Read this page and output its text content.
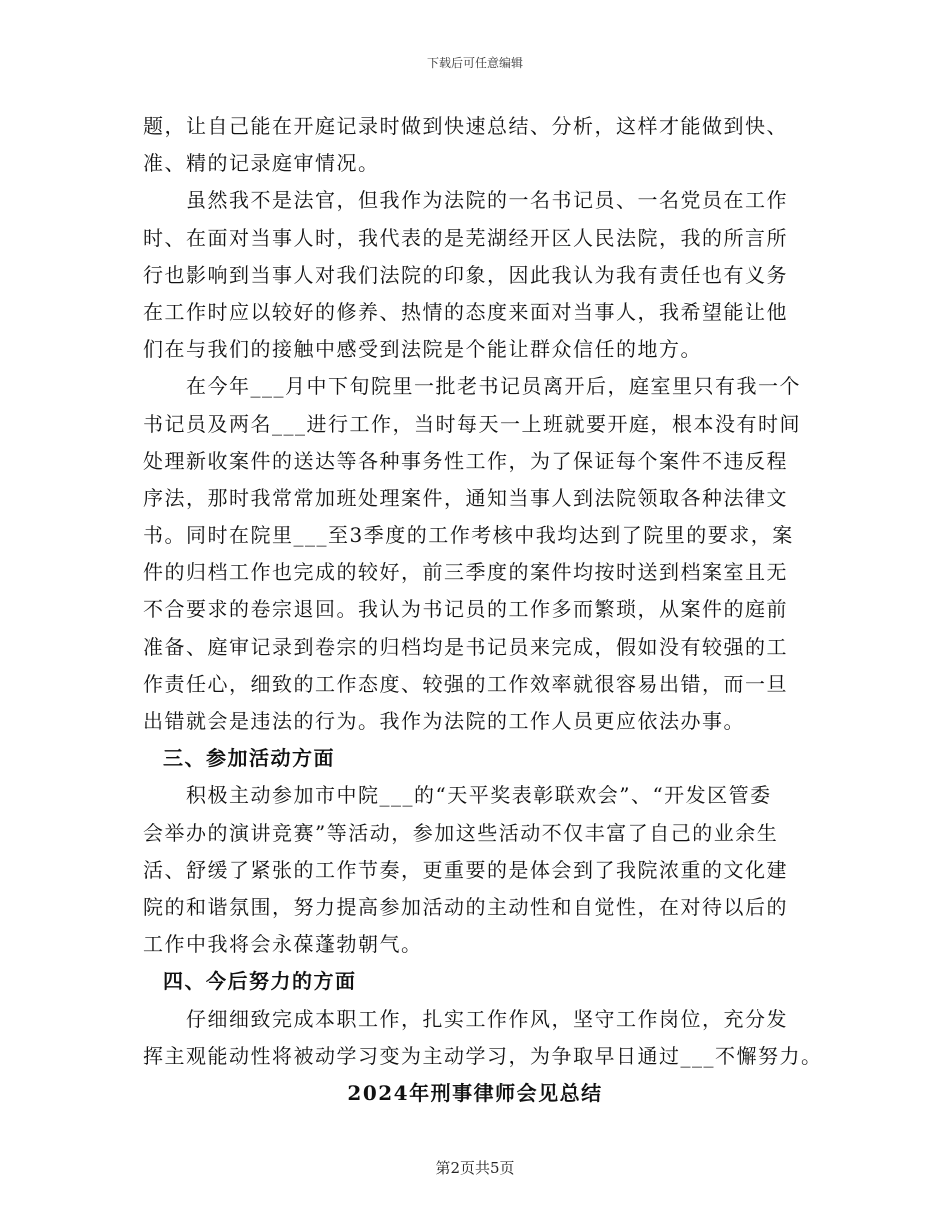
下载后可任意编辑
题，让自己能在开庭记录时做到快速总结、分析，这样才能做到快、
准、精的记录庭审情况。
虽然我不是法官，但我作为法院的一名书记员、一名党员在工作
时、在面对当事人时，我代表的是芜湖经开区人民法院，我的所言所
行也影响到当事人对我们法院的印象，因此我认为我有责任也有义务
在工作时应以较好的修养、热情的态度来面对当事人，我希望能让他
们在与我们的接触中感受到法院是个能让群众信任的地方。
在今年___月中下旬院里一批老书记员离开后，庭室里只有我一个
书记员及两名___进行工作，当时每天一上班就要开庭，根本没有时间
处理新收案件的送达等各种事务性工作，为了保证每个案件不违反程
序法，那时我常常加班处理案件，通知当事人到法院领取各种法律文
书。同时在院里___至3季度的工作考核中我均达到了院里的要求，案
件的归档工作也完成的较好，前三季度的案件均按时送到档案室且无
不合要求的卷宗退回。我认为书记员的工作多而繁琐，从案件的庭前
准备、庭审记录到卷宗的归档均是书记员来完成，假如没有较强的工
作责任心，细致的工作态度、较强的工作效率就很容易出错，而一旦
出错就会是违法的行为。我作为法院的工作人员更应依法办事。
三、参加活动方面
积极主动参加市中院___的“天平奖表彰联欢会”、“开发区管委
会举办的演讲竞赛”等活动，参加这些活动不仅丰富了自己的业余生
活、舒缓了紧张的工作节奏，更重要的是体会到了我院浓重的文化建
院的和谐氛围，努力提高参加活动的主动性和自觉性，在对待以后的
工作中我将会永葆蓬勃朝气。
四、今后努力的方面
仔细细致完成本职工作，扎实工作作风，坚守工作岗位，充分发
挥主观能动性将被动学习变为主动学习，为争取早日通过___不懈努力。
2024年刑事律师会见总结
第2页共5页
